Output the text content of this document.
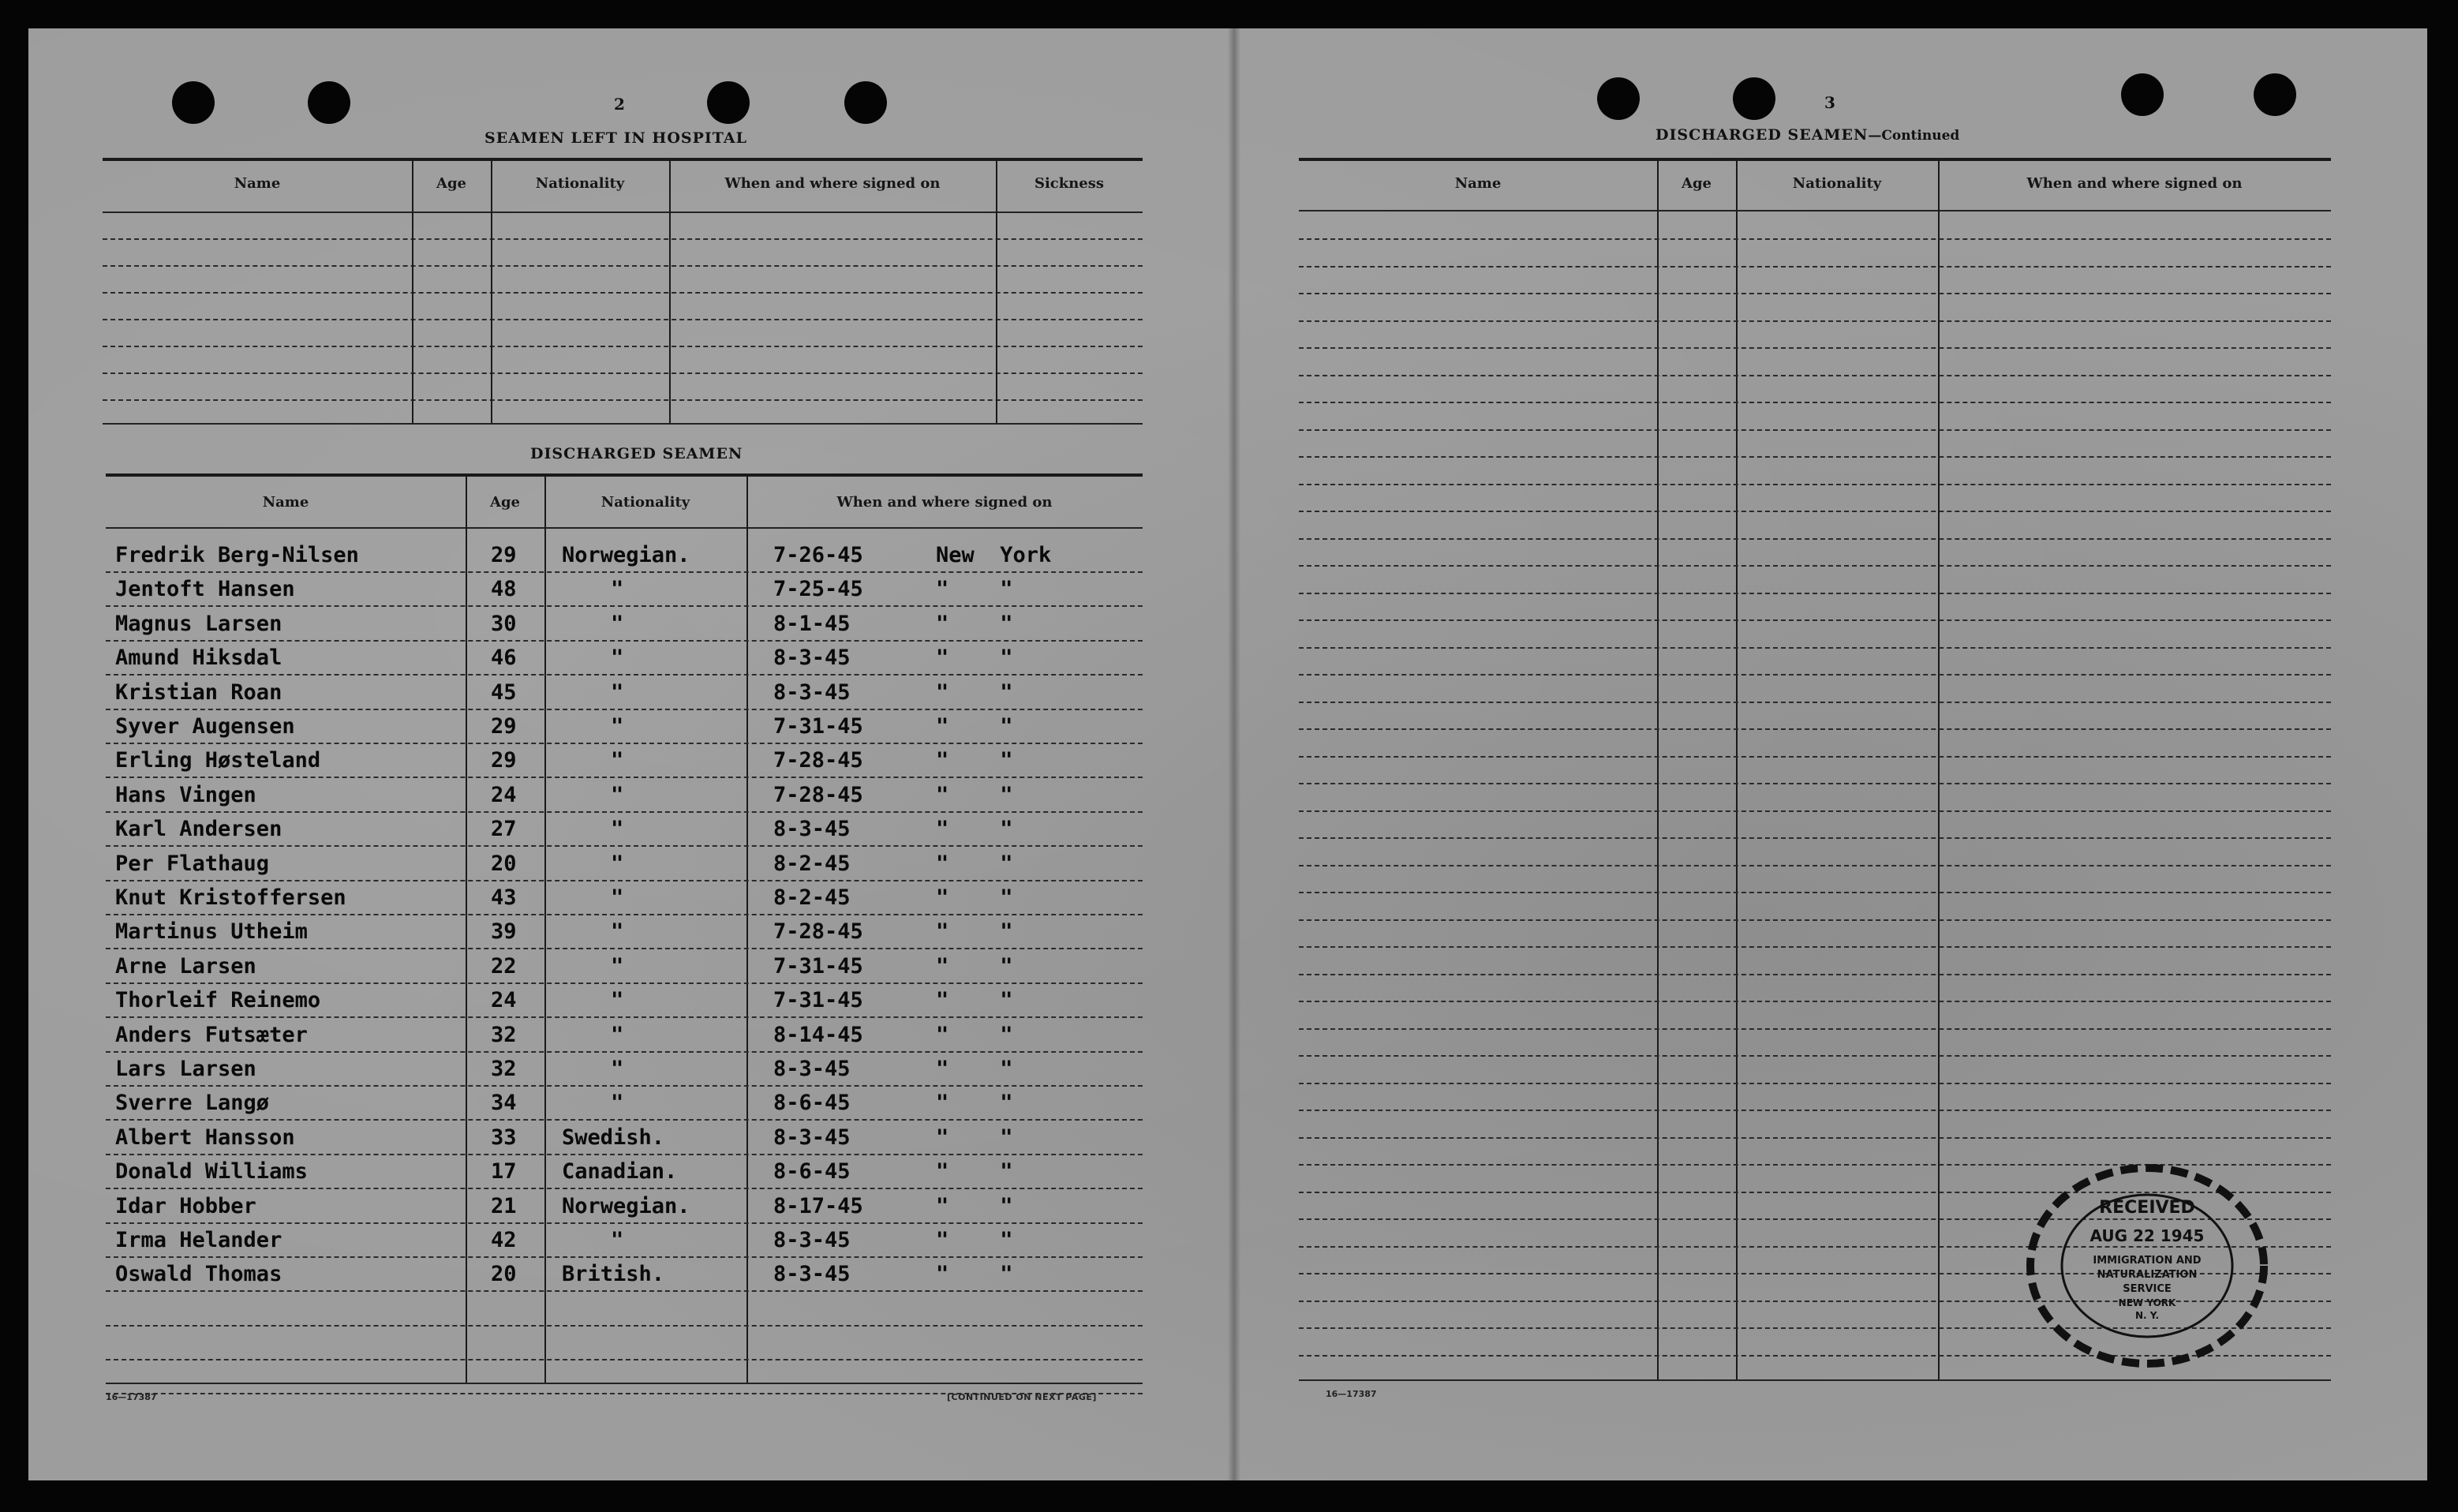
2
SEAMEN LEFT IN HOSPITAL
Name	Age	Nationality	When and where signed on	Sickness
DISCHARGED SEAMEN
Name	Age	Nationality	When and where signed on
Fredrik Berg-Nilsen	29 Norwegian.	7-26-45	New  York
Jentoft Hansen	48	"	7-25-45	"    "
Magnus Larsen	30	"	8-1-45	"    "
Amund Hiksdal	46	"	8-3-45	"    "
Kristian Roan	45	"	8-3-45	"    "
Syver Augensen	29	"	7-31-45	"    "
Erling Høsteland	29	"	7-28-45	"    "
Hans Vingen	24	"	7-28-45	"    "
Karl Andersen	27	"	8-3-45	"    "
Per Flathaug	20	"	8-2-45	"    "
Knut Kristoffersen	43	"	8-2-45	"    "
Martinus Utheim	39	"	7-28-45	"    "
Arne Larsen	22	"	7-31-45	"    "
Thorleif Reinemo	24	"	7-31-45	"    "
Anders Futsæter	32	"	8-14-45	"    "
Lars Larsen	32	"	8-3-45	"    "
Sverre Langø	34	"	8-6-45	"    "
Albert Hansson	33 Swedish.	8-3-45	"    "
Donald Williams	17 Canadian.	8-6-45	"    "
Idar Hobber	21 Norwegian.	8-17-45	"    "
Irma Helander	42	"	8-3-45	"    "
Oswald Thomas	20 British.	8-3-45	"    "
16—17387	[CONTINUED ON NEXT PAGE]
3
DISCHARGED SEAMEN—Continued
Name	Age	Nationality	When and where signed on
16—17387
RECEIVED
AUG 22 1945
IMMIGRATION AND
NATURALIZATION
SERVICE
NEW YORK
N. Y.
